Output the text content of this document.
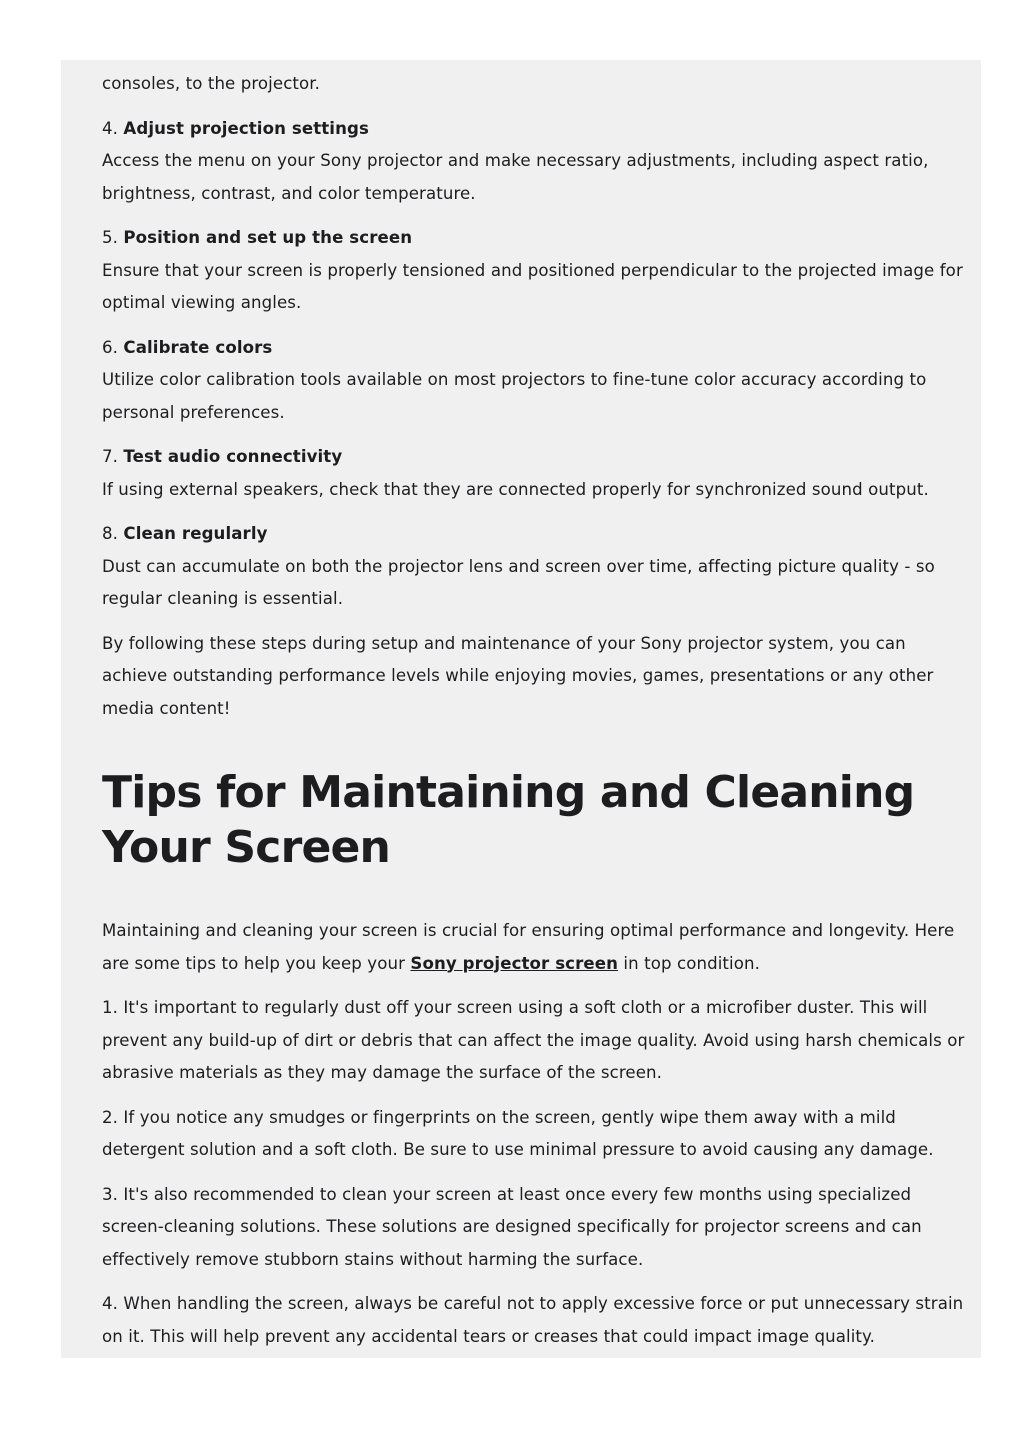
consoles, to the projector.

4. Adjust projection settings

Access the menu on your Sony projector and make necessary adjustments, including aspect ratio, brightness, contrast, and color temperature.

5. Position and set up the screen

Ensure that your screen is properly tensioned and positioned perpendicular to the projected image for optimal viewing angles.

6. Calibrate colors

Utilize color calibration tools available on most projectors to fine-tune color accuracy according to personal preferences.

7. Test audio connectivity

If using external speakers, check that they are connected properly for synchronized sound output.

8. Clean regularly

Dust can accumulate on both the projector lens and screen over time, affecting picture quality - so regular cleaning is essential.

By following these steps during setup and maintenance of your Sony projector system, you can achieve outstanding performance levels while enjoying movies, games, presentations or any other media content!

Tips for Maintaining and Cleaning Your Screen

Maintaining and cleaning your screen is crucial for ensuring optimal performance and longevity. Here are some tips to help you keep your Sony projector screen in top condition.

1. It's important to regularly dust off your screen using a soft cloth or a microfiber duster. This will prevent any build-up of dirt or debris that can affect the image quality. Avoid using harsh chemicals or abrasive materials as they may damage the surface of the screen.

2. If you notice any smudges or fingerprints on the screen, gently wipe them away with a mild detergent solution and a soft cloth. Be sure to use minimal pressure to avoid causing any damage.

3. It's also recommended to clean your screen at least once every few months using specialized screen-cleaning solutions. These solutions are designed specifically for projector screens and can effectively remove stubborn stains without harming the surface.

4. When handling the screen, always be careful not to apply excessive force or put unnecessary strain on it. This will help prevent any accidental tears or creases that could impact image quality.
